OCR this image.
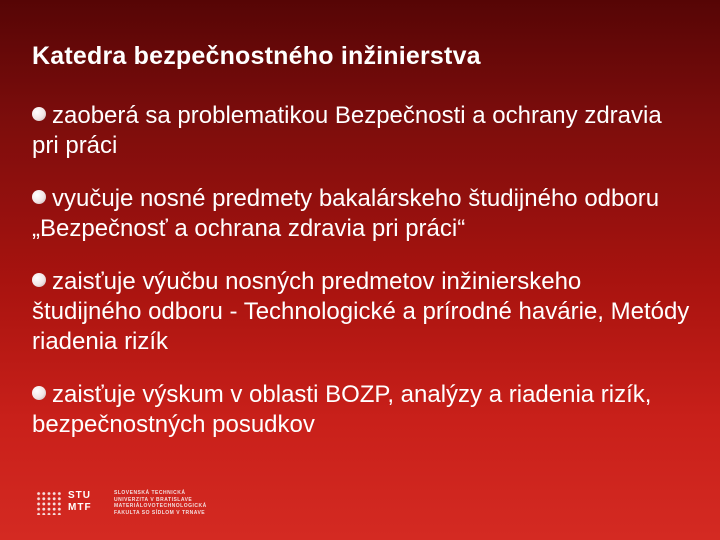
Katedra bezpečnostného inžinierstva
zaoberá sa problematikou Bezpečnosti a ochrany zdravia pri práci
vyučuje nosné predmety bakalárskeho študijného odboru „Bezpečnosť a ochrana zdravia pri práci“
zaisťuje výučbu nosných predmetov inžinierskeho študijného odboru - Technologické a prírodné havárie, Metódy riadenia rizík
zaisťuje výskum v oblasti BOZP, analýzy a riadenia rizík, bezpečnostných posudkov
STU
MTF
SLOVENSKÁ TECHNICKÁ
UNIVERZITA V BRATISLAVE
MATERIÁLOVOTECHNOLOGICKÁ
FAKULTA SO SÍDLOM V TRNAVE
